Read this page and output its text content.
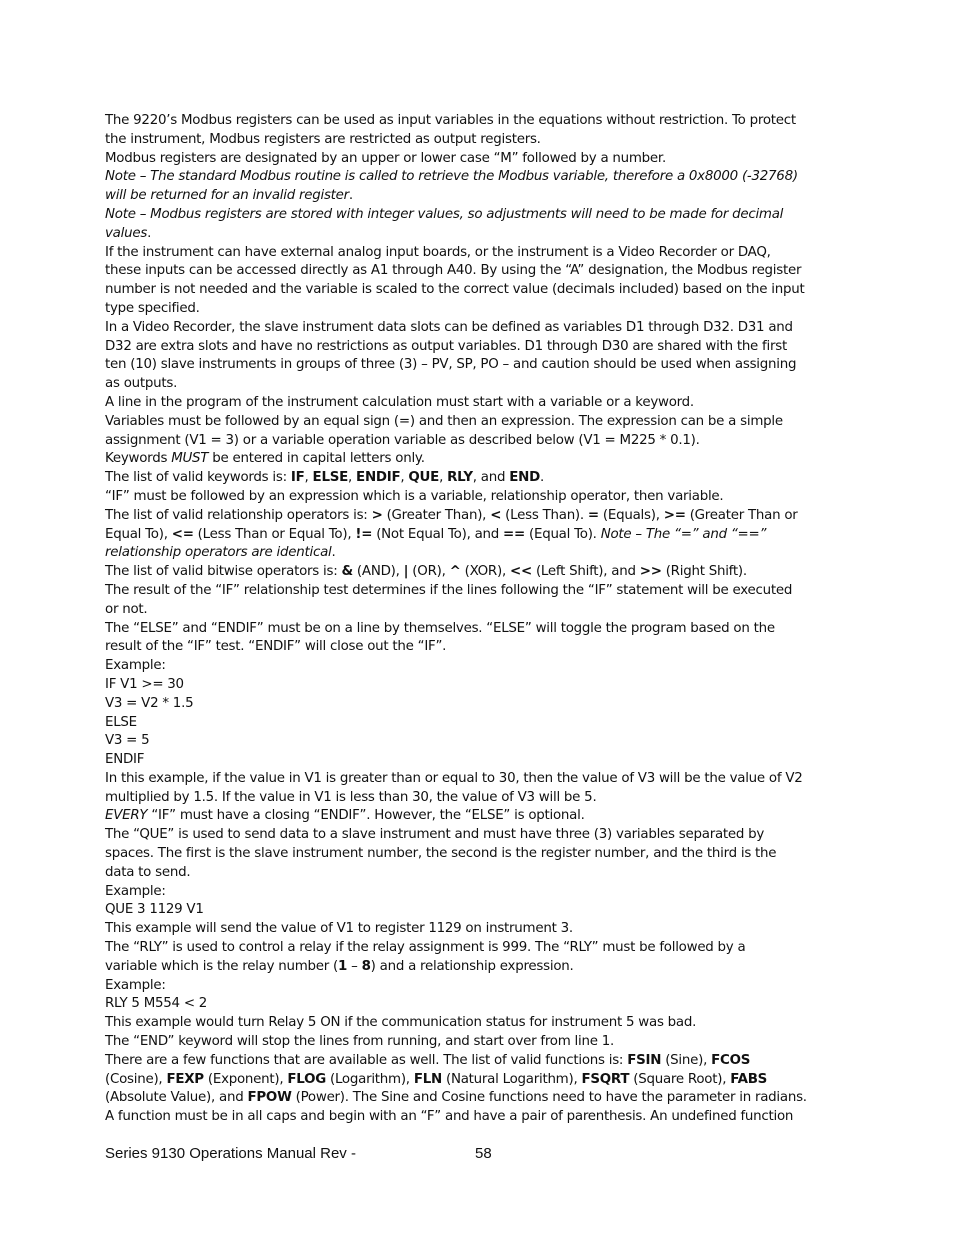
The 9220’s Modbus registers can be used as input variables in the equations without restriction. To protect
the instrument, Modbus registers are restricted as output registers.
Modbus registers are designated by an upper or lower case “M” followed by a number.
Note – The standard Modbus routine is called to retrieve the Modbus variable, therefore a 0x8000 (-32768)
will be returned for an invalid register.
Note – Modbus registers are stored with integer values, so adjustments will need to be made for decimal
values.
If the instrument can have external analog input boards, or the instrument is a Video Recorder or DAQ,
these inputs can be accessed directly as A1 through A40. By using the “A” designation, the Modbus register
number is not needed and the variable is scaled to the correct value (decimals included) based on the input
type specified.
In a Video Recorder, the slave instrument data slots can be defined as variables D1 through D32. D31 and
D32 are extra slots and have no restrictions as output variables. D1 through D30 are shared with the first
ten (10) slave instruments in groups of three (3) – PV, SP, PO – and caution should be used when assigning
as outputs.
A line in the program of the instrument calculation must start with a variable or a keyword.
Variables must be followed by an equal sign (=) and then an expression. The expression can be a simple
assignment (V1 = 3) or a variable operation variable as described below (V1 = M225 * 0.1).
Keywords MUST be entered in capital letters only.
The list of valid keywords is: IF, ELSE, ENDIF, QUE, RLY, and END.
“IF” must be followed by an expression which is a variable, relationship operator, then variable.
The list of valid relationship operators is: > (Greater Than), < (Less Than). = (Equals), >= (Greater Than or
Equal To), <= (Less Than or Equal To), != (Not Equal To), and == (Equal To). Note – The “=” and “==”
relationship operators are identical.
The list of valid bitwise operators is: & (AND), | (OR), ^ (XOR), << (Left Shift), and >> (Right Shift).
The result of the “IF” relationship test determines if the lines following the “IF” statement will be executed
or not.
The “ELSE” and “ENDIF” must be on a line by themselves. “ELSE” will toggle the program based on the
result of the “IF” test. “ENDIF” will close out the “IF”.
Example:
IF V1 >= 30
V3 = V2 * 1.5
ELSE
V3 = 5
ENDIF
In this example, if the value in V1 is greater than or equal to 30, then the value of V3 will be the value of V2
multiplied by 1.5. If the value in V1 is less than 30, the value of V3 will be 5.
EVERY “IF” must have a closing “ENDIF”. However, the “ELSE” is optional.
The “QUE” is used to send data to a slave instrument and must have three (3) variables separated by
spaces. The first is the slave instrument number, the second is the register number, and the third is the
data to send.
Example:
QUE 3 1129 V1
This example will send the value of V1 to register 1129 on instrument 3.
The “RLY” is used to control a relay if the relay assignment is 999. The “RLY” must be followed by a
variable which is the relay number (1 – 8) and a relationship expression.
Example:
RLY 5 M554 < 2
This example would turn Relay 5 ON if the communication status for instrument 5 was bad.
The “END” keyword will stop the lines from running, and start over from line 1.
There are a few functions that are available as well. The list of valid functions is: FSIN (Sine), FCOS
(Cosine), FEXP (Exponent), FLOG (Logarithm), FLN (Natural Logarithm), FSQRT (Square Root), FABS
(Absolute Value), and FPOW (Power). The Sine and Cosine functions need to have the parameter in radians.
A function must be in all caps and begin with an “F” and have a pair of parenthesis. An undefined function
Series 9130 Operations Manual Rev -	58
